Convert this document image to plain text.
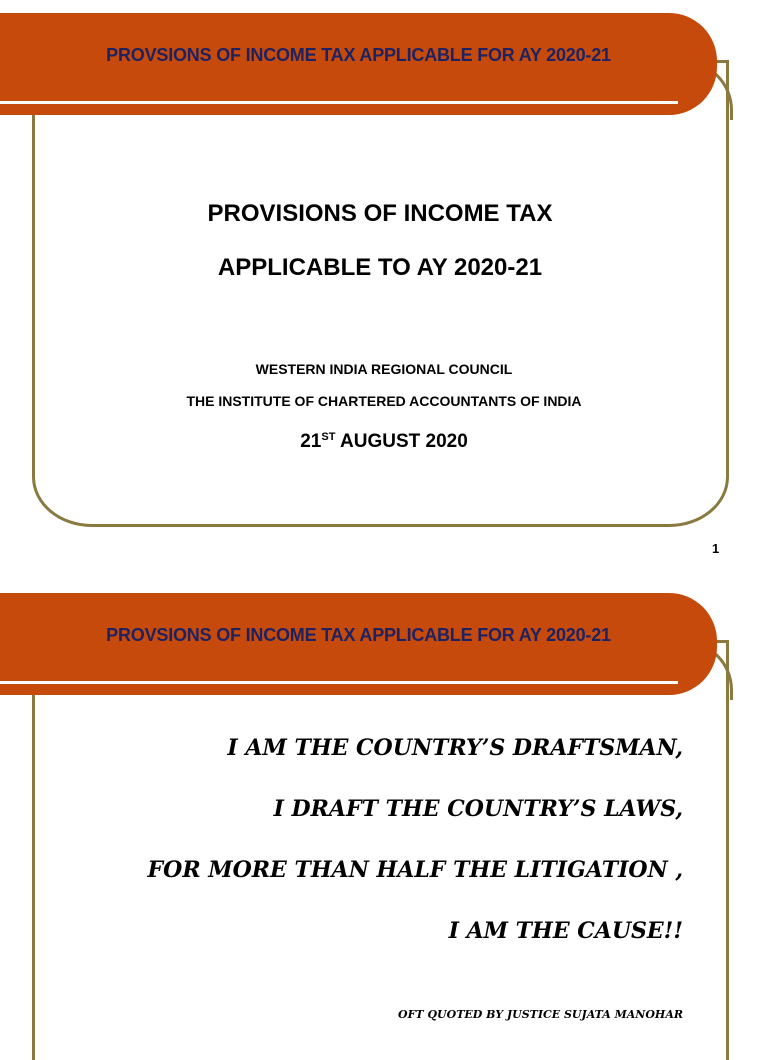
PROVSIONS OF INCOME TAX APPLICABLE FOR AY 2020-21
PROVISIONS OF INCOME TAX
APPLICABLE TO AY 2020-21
WESTERN INDIA REGIONAL COUNCIL
THE INSTITUTE OF CHARTERED ACCOUNTANTS OF INDIA
21ST AUGUST 2020
1
PROVSIONS OF INCOME TAX APPLICABLE FOR AY 2020-21
I AM THE COUNTRY’S DRAFTSMAN,
I DRAFT THE COUNTRY’S LAWS,
FOR MORE THAN HALF THE LITIGATION ,
I AM THE CAUSE!!
OFT QUOTED BY JUSTICE SUJATA MANOHAR
